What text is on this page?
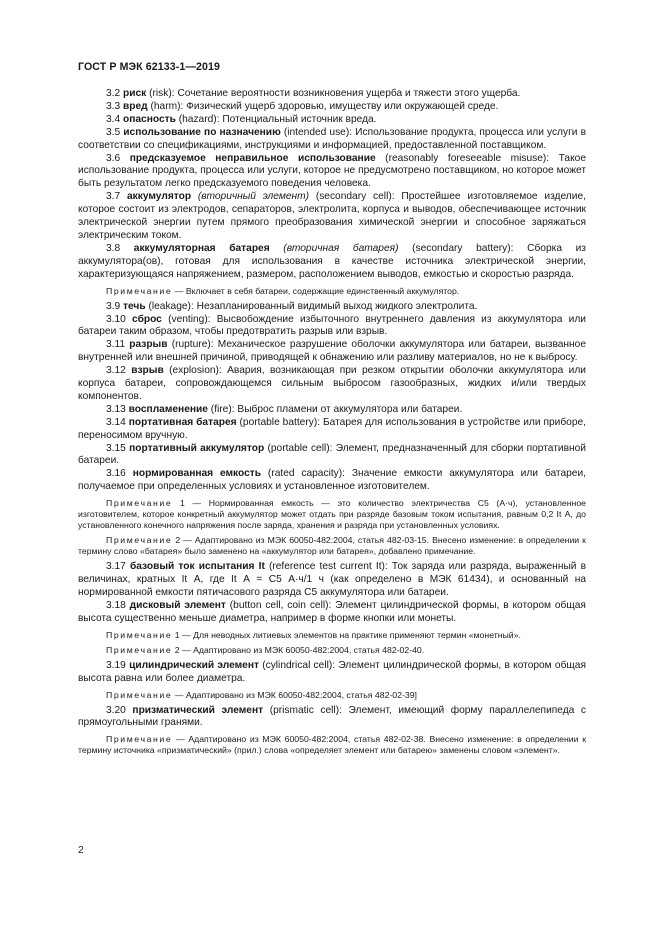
ГОСТ Р МЭК 62133-1—2019

3.2 риск (risk): Сочетание вероятности возникновения ущерба и тяжести этого ущерба.

3.3 вред (harm): Физический ущерб здоровью, имуществу или окружающей среде.

3.4 опасность (hazard): Потенциальный источник вреда.

3.5 использование по назначению (intended use): Использование продукта, процесса или услуги в соответствии со спецификациями, инструкциями и информацией, предоставленной поставщиком.

3.6 предсказуемое неправильное использование (reasonably foreseeable misuse): Такое использование продукта, процесса или услуги, которое не предусмотрено поставщиком, но которое может быть результатом легко предсказуемого поведения человека.

3.7 аккумулятор (вторичный элемент) (secondary cell): Простейшее изготовляемое изделие, которое состоит из электродов, сепараторов, электролита, корпуса и выводов, обеспечивающее источник электрической энергии путем прямого преобразования химической энергии и способное заряжаться электрическим током.

3.8 аккумуляторная батарея (вторичная батарея) (secondary battery): Сборка из аккумулятора(ов), готовая для использования в качестве источника электрической энергии, характеризующаяся напряжением, размером, расположением выводов, емкостью и скоростью разряда.

Примечание — Включает в себя батареи, содержащие единственный аккумулятор.

3.9 течь (leakage): Незапланированный видимый выход жидкого электролита.

3.10 сброс (venting): Высвобождение избыточного внутреннего давления из аккумулятора или батареи таким образом, чтобы предотвратить разрыв или взрыв.

3.11 разрыв (rupture): Механическое разрушение оболочки аккумулятора или батареи, вызванное внутренней или внешней причиной, приводящей к обнажению или разливу материалов, но не к выбросу.

3.12 взрыв (explosion): Авария, возникающая при резком открытии оболочки аккумулятора или корпуса батареи, сопровождающемся сильным выбросом газообразных, жидких и/или твердых компонентов.

3.13 воспламенение (fire): Выброс пламени от аккумулятора или батареи.

3.14 портативная батарея (portable battery): Батарея для использования в устройстве или приборе, переносимом вручную.

3.15 портативный аккумулятор (portable cell): Элемент, предназначенный для сборки портативной батареи.

3.16 нормированная емкость (rated capacity): Значение емкости аккумулятора или батареи, получаемое при определенных условиях и установленное изготовителем.

Примечание 1 — Нормированная емкость — это количество электричества C5 (А·ч), установленное изготовителем, которое конкретный аккумулятор может отдать при разряде базовым током испытания, равным 0,2 It А, до установленного конечного напряжения после заряда, хранения и разряда при установленных условиях.

Примечание 2 — Адаптировано из МЭК 60050-482:2004, статья 482-03-15. Внесено изменение: в определении к термину слово «батарея» было заменено на «аккумулятор или батарея», добавлено примечание.

3.17 базовый ток испытания It (reference test current It): Ток заряда или разряда, выраженный в величинах, кратных It А, где It А = C5 А·ч/1 ч (как определено в МЭК 61434), и основанный на нормированной емкости пятичасового разряда C5 аккумулятора или батареи.

3.18 дисковый элемент (button cell, coin cell): Элемент цилиндрической формы, в котором общая высота существенно меньше диаметра, например в форме кнопки или монеты.

Примечание 1 — Для неводных литиевых элементов на практике применяют термин «монетный».

Примечание 2 — Адаптировано из МЭК 60050-482:2004, статья 482-02-40.

3.19 цилиндрический элемент (cylindrical cell): Элемент цилиндрической формы, в котором общая высота равна или более диаметра.

Примечание — Адаптировано из МЭК 60050-482:2004, статья 482-02-39]

3.20 призматический элемент (prismatic cell): Элемент, имеющий форму параллелепипеда с прямоугольными гранями.

Примечание — Адаптировано из МЭК 60050-482:2004, статья 482-02-38. Внесено изменение: в определении к термину источника «призматический» (прил.) слова «определяет элемент или батарею» заменены словом «элемент».

2
